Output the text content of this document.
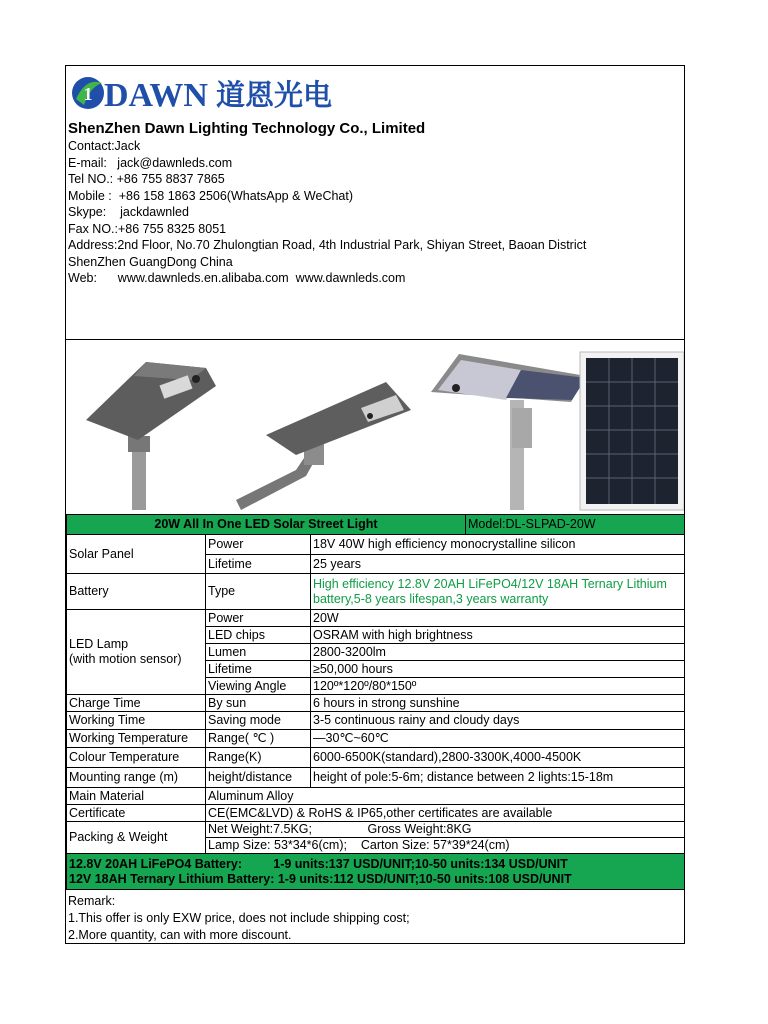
1 DAWN 道恩光电
ShenZhen Dawn Lighting Technology Co., Limited
Contact:Jack
E-mail:   jack@dawnleds.com
Tel NO.: +86 755 8837 7865
Mobile :  +86 158 1863 2506(WhatsApp & WeChat)
Skype:    jackdawnled
Fax NO.:+86 755 8325 8051
Address:2nd Floor, No.70 Zhulongtian Road, 4th Industrial Park, Shiyan Street, Baoan District
ShenZhen GuangDong China
Web:      www.dawnleds.en.alibaba.com  www.dawnleds.com
20W All In One LED Solar Street Light			Model:DL-SLPAD-20W
Solar Panel	Power	18V 40W high efficiency monocrystalline silicon	
	Lifetime	25 years	
Battery	Type	High efficiency 12.8V 20AH LiFePO4/12V 18AH Ternary Lithium battery,5-8 years lifespan,3 years warranty	

LED Lamp
(with motion sensor)	Power	20W	
	LED chips	OSRAM with high brightness	
	Lumen	2800-3200lm	
	Lifetime	≥50,000 hours	
	Viewing Angle	120º*120º/80*150º	
Charge Time	By sun	6 hours in strong sunshine	
Working Time	Saving mode	3-5 continuous rainy and cloudy days	
Working Temperature	Range( ℃ )	—30℃~60℃	
Colour Temperature	Range(K)	6000-6500K(standard),2800-3300K,4000-4500K	
Mounting range (m)	height/distance	height of pole:5-6m; distance between 2 lights:15-18m	
Main Material	Aluminum Alloy		
Certificate	CE(EMC&LVD) & RoHS & IP65,other certificates are available		
Packing & Weight	Net Weight:7.5KG;                Gross Weight:8KG		
	Lamp Size: 53*34*6(cm);    Carton Size: 57*39*24(cm)		

12.8V 20AH LiFePO4 Battery:         1-9 units:137 USD/UNIT;10-50 units:134 USD/UNIT
12V 18AH Ternary Lithium Battery: 1-9 units:112 USD/UNIT;10-50 units:108 USD/UNIT			
Remark:
1.This offer is only EXW price, does not include shipping cost;
2.More quantity, can with more discount.
